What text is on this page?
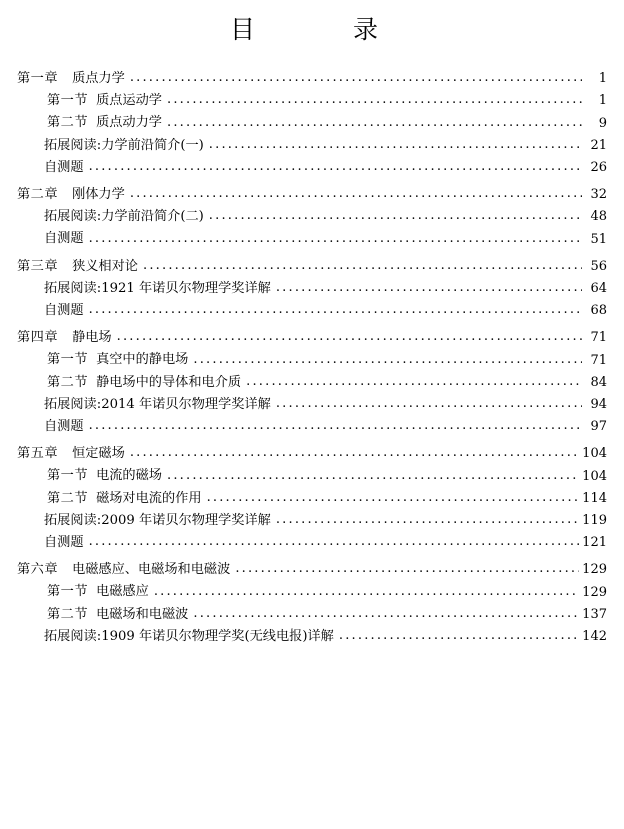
目　　录
第一章 质点力学 .....	1
第一节 质点运动学 .....	1
第二节 质点动力学 .....	9
拓展阅读:力学前沿简介(一) .....	21
自测题 .....	26
第二章 刚体力学 .....	32
拓展阅读:力学前沿简介(二) .....	48
自测题 .....	51
第三章 狭义相对论 .....	56
拓展阅读:1921 年诺贝尔物理学奖详解 .....	64
自测题 .....	68
第四章 静电场 .....	71
第一节 真空中的静电场 .....	71
第二节 静电场中的导体和电介质 .....	84
拓展阅读:2014 年诺贝尔物理学奖详解 .....	94
自测题 .....	97
第五章 恒定磁场 .....	104
第一节 电流的磁场 .....	104
第二节 磁场对电流的作用 .....	114
拓展阅读:2009 年诺贝尔物理学奖详解 .....	119
自测题 .....	121
第六章 电磁感应、电磁场和电磁波 .....	129
第一节 电磁感应 .....	129
第二节 电磁场和电磁波 .....	137
拓展阅读:1909 年诺贝尔物理学奖(无线电报)详解 .....	142
